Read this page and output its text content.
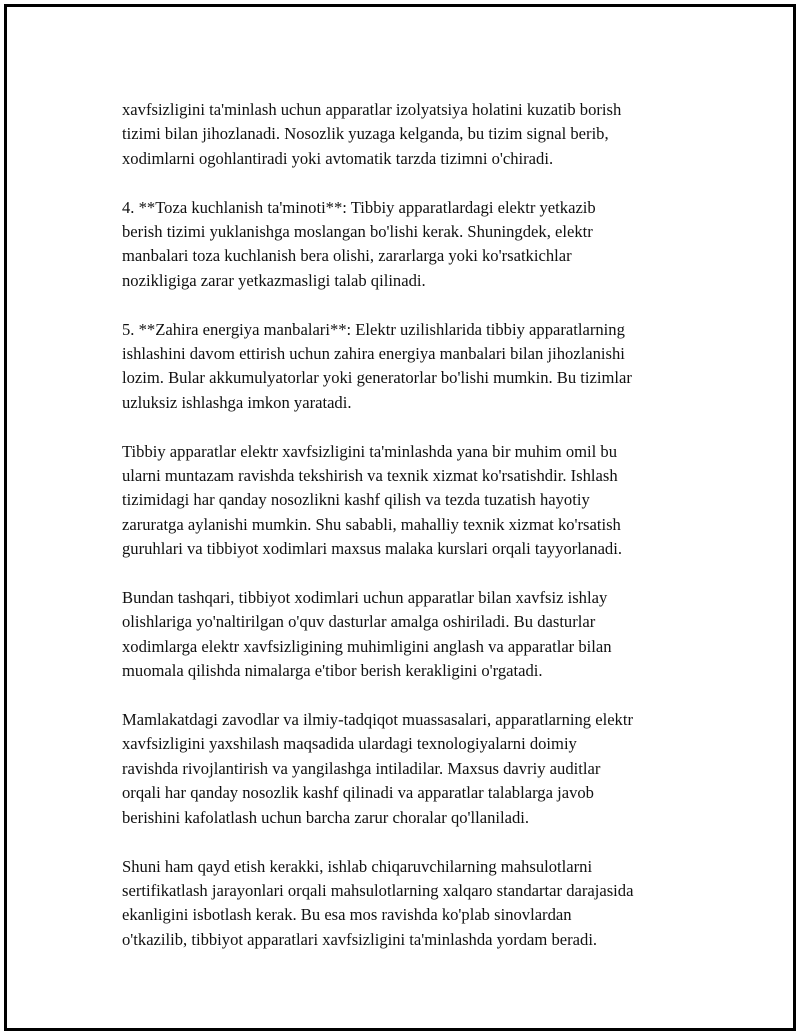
xavfsizligini ta'minlash uchun apparatlar izolyatsiya holatini kuzatib borish
tizimi bilan jihozlanadi. Nosozlik yuzaga kelganda, bu tizim signal berib,
xodimlarni ogohlantiradi yoki avtomatik tarzda tizimni o'chiradi.

4. **Toza kuchlanish ta'minoti**: Tibbiy apparatlardagi elektr yetkazib
berish tizimi yuklanishga moslangan bo'lishi kerak. Shuningdek, elektr
manbalari toza kuchlanish bera olishi, zararlarga yoki ko'rsatkichlar
nozikligiga zarar yetkazmasligi talab qilinadi.

5. **Zahira energiya manbalari**: Elektr uzilishlarida tibbiy apparatlarning
ishlashini davom ettirish uchun zahira energiya manbalari bilan jihozlanishi
lozim. Bular akkumulyatorlar yoki generatorlar bo'lishi mumkin. Bu tizimlar
uzluksiz ishlashga imkon yaratadi.

Tibbiy apparatlar elektr xavfsizligini ta'minlashda yana bir muhim omil bu
ularni muntazam ravishda tekshirish va texnik xizmat ko'rsatishdir. Ishlash
tizimidagi har qanday nosozlikni kashf qilish va tezda tuzatish hayotiy
zaruratga aylanishi mumkin. Shu sababli, mahalliy texnik xizmat ko'rsatish
guruhlari va tibbiyot xodimlari maxsus malaka kurslari orqali tayyorlanadi.

Bundan tashqari, tibbiyot xodimlari uchun apparatlar bilan xavfsiz ishlay
olishlariga yo'naltirilgan o'quv dasturlar amalga oshiriladi. Bu dasturlar
xodimlarga elektr xavfsizligining muhimligini anglash va apparatlar bilan
muomala qilishda nimalarga e'tibor berish kerakligini o'rgatadi.

Mamlakatdagi zavodlar va ilmiy-tadqiqot muassasalari, apparatlarning elektr
xavfsizligini yaxshilash maqsadida ulardagi texnologiyalarni doimiy
ravishda rivojlantirish va yangilashga intiladilar. Maxsus davriy auditlar
orqali har qanday nosozlik kashf qilinadi va apparatlar talablarga javob
berishini kafolatlash uchun barcha zarur choralar qo'llaniladi.

Shuni ham qayd etish kerakki, ishlab chiqaruvchilarning mahsulotlarni
sertifikatlash jarayonlari orqali mahsulotlarning xalqaro standartar darajasida
ekanligini isbotlash kerak. Bu esa mos ravishda ko'plab sinovlardan
o'tkazilib, tibbiyot apparatlari xavfsizligini ta'minlashda yordam beradi.
